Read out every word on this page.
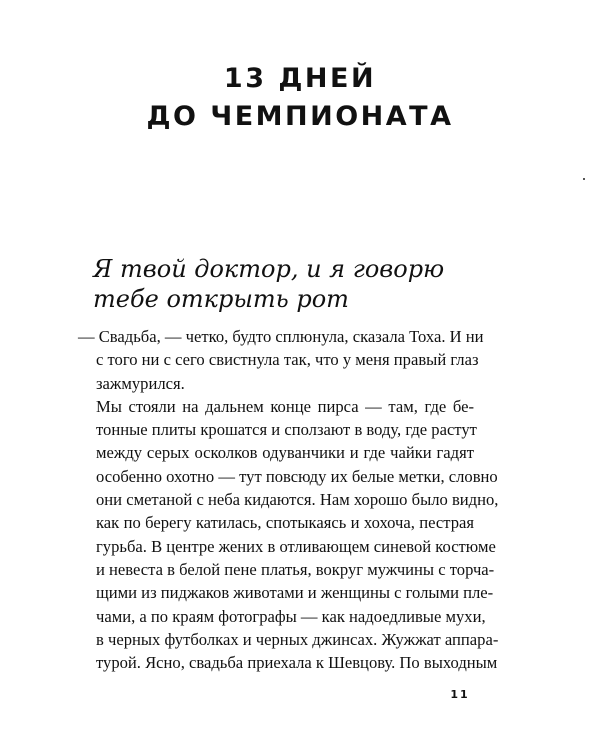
13 ДНЕЙ
ДО ЧЕМПИОНАТА
Я твой доктор, и я говорю
тебе открыть рот
— Свадьба, — четко, будто сплюнула, сказала Тоха. И ни
с того ни с сего свистнула так, что у меня правый глаз
зажмурился.
Мы стояли на дальнем конце пирса — там, где бе-
тонные плиты крошатся и сползают в воду, где растут
между серых осколков одуванчики и где чайки гадят
особенно охотно — тут повсюду их белые метки, словно
они сметаной с неба кидаются. Нам хорошо было видно,
как по берегу катилась, спотыкаясь и хохоча, пестрая
гурьба. В центре жених в отливающем синевой костюме
и невеста в белой пене платья, вокруг мужчины с торча-
щими из пиджаков животами и женщины с голыми пле-
чами, а по краям фотографы — как надоедливые мухи,
в черных футболках и черных джинсах. Жужжат аппара-
турой. Ясно, свадьба приехала к Шевцову. По выходным
11
